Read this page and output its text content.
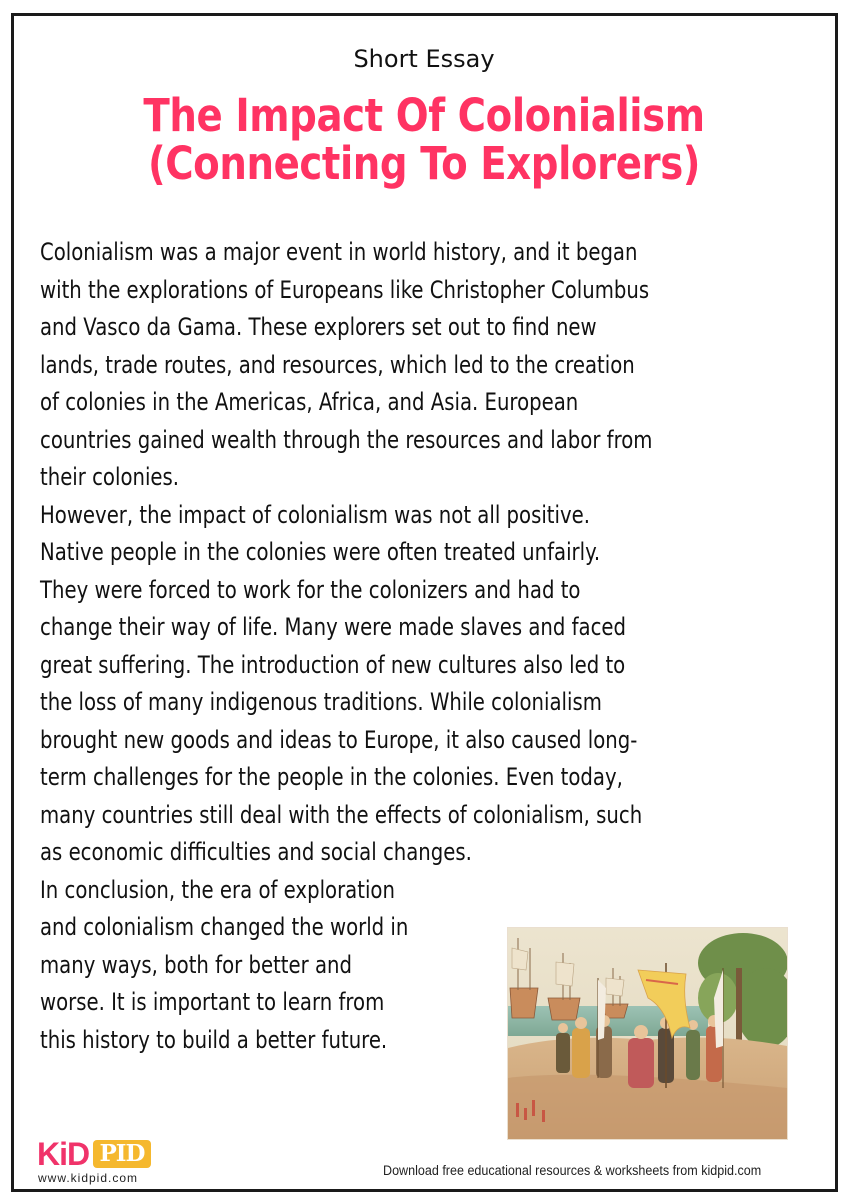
Short Essay
The Impact Of Colonialism
(Connecting To Explorers)
Colonialism was a major event in world history, and it began
with the explorations of Europeans like Christopher Columbus
and Vasco da Gama. These explorers set out to find new
lands, trade routes, and resources, which led to the creation
of colonies in the Americas, Africa, and Asia. European
countries gained wealth through the resources and labor from
their colonies.
However, the impact of colonialism was not all positive.
Native people in the colonies were often treated unfairly.
They were forced to work for the colonizers and had to
change their way of life. Many were made slaves and faced
great suffering. The introduction of new cultures also led to
the loss of many indigenous traditions. While colonialism
brought new goods and ideas to Europe, it also caused long-
term challenges for the people in the colonies. Even today,
many countries still deal with the effects of colonialism, such
as economic difficulties and social changes.
In conclusion, the era of exploration
and colonialism changed the world in
many ways, both for better and
worse. It is important to learn from
this history to build a better future.
KiD PID
www.kidpid.com	Download free educational resources & worksheets from kidpid.com
